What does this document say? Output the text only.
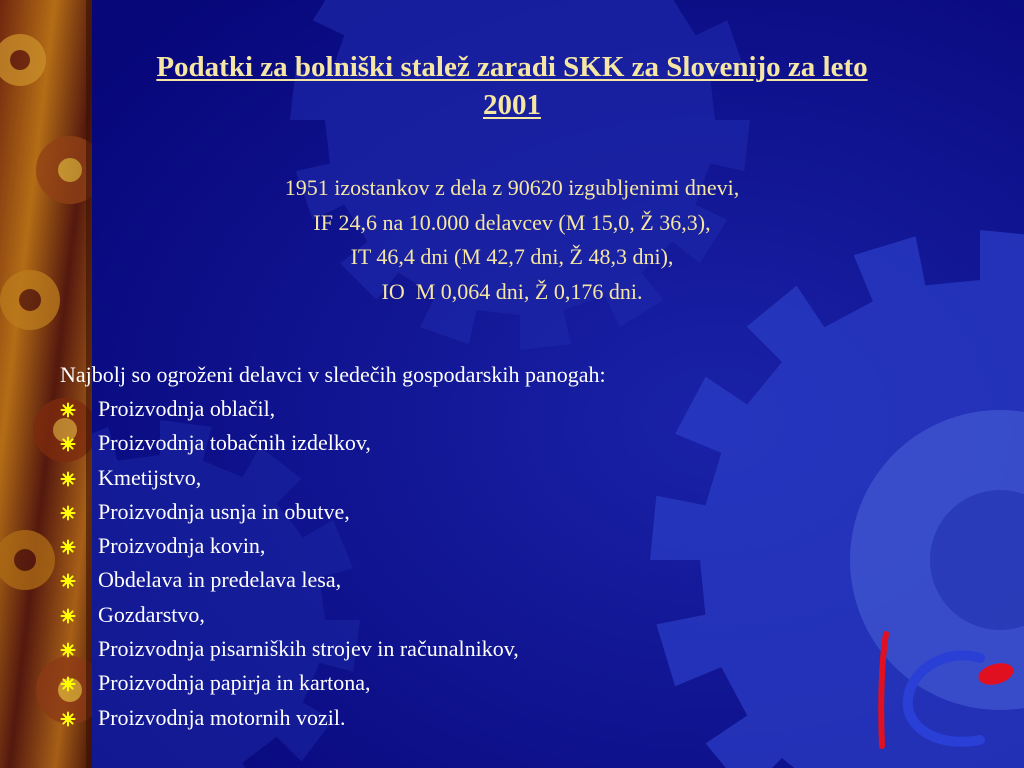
Podatki za bolniški stalež zaradi SKK za Slovenijo za leto
2001
1951 izostankov z dela z 90620 izgubljenimi dnevi,
IF 24,6 na 10.000 delavcev (M 15,0, Ž 36,3),
IT 46,4 dni (M 42,7 dni, Ž 48,3 dni),
IO  M 0,064 dni, Ž 0,176 dni.
Najbolj so ogroženi delavci v sledečih gospodarskih panogah:
Proizvodnja oblačil,
Proizvodnja tobačnih izdelkov,
Kmetijstvo,
Proizvodnja usnja in obutve,
Proizvodnja kovin,
Obdelava in predelava lesa,
Gozdarstvo,
Proizvodnja pisarniških strojev in računalnikov,
Proizvodnja papirja in kartona,
Proizvodnja motornih vozil.
